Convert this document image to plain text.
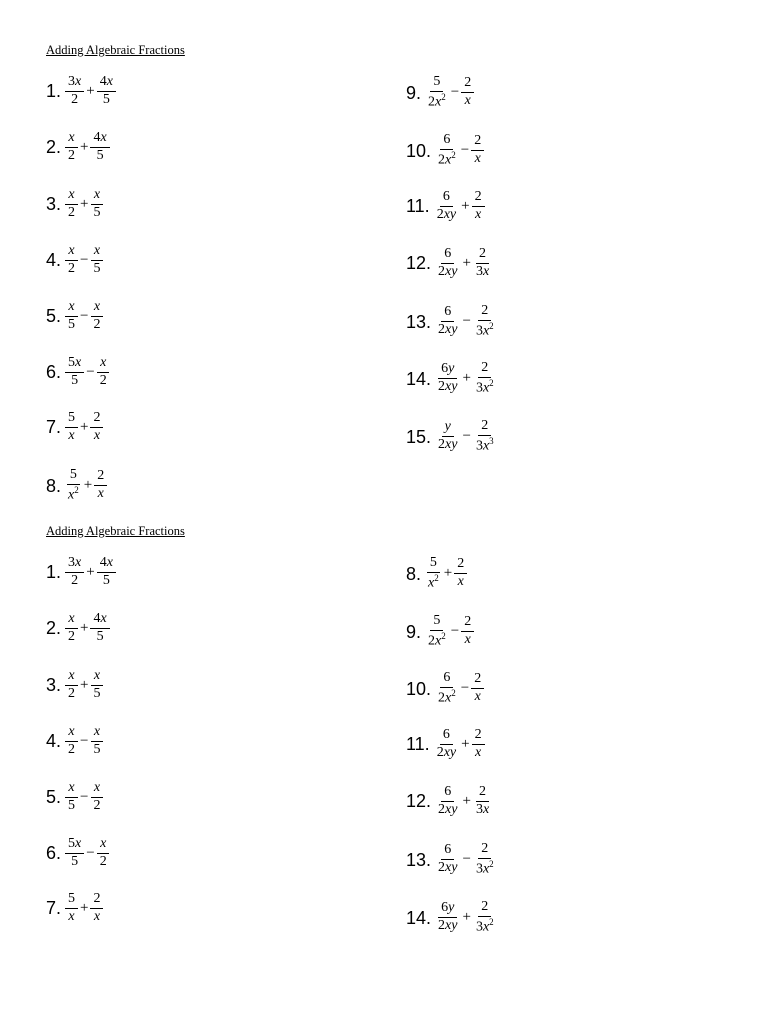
Adding Algebraic Fractions
1. $\frac{3x}{2} + \frac{4x}{5}$
2. $\frac{x}{2} + \frac{4x}{5}$
3. $\frac{x}{2} + \frac{x}{5}$
4. $\frac{x}{2} - \frac{x}{5}$
5. $\frac{x}{5} - \frac{x}{2}$
6. $\frac{5x}{5} - \frac{x}{2}$
7. $\frac{5}{x} + \frac{2}{x}$
8. $\frac{5}{x^2} + \frac{2}{x}$
9. $\frac{5}{2x^2} - \frac{2}{x}$
10. $\frac{6}{2x^2} - \frac{2}{x}$
11. $\frac{6}{2xy} + \frac{2}{x}$
12. $\frac{6}{2xy} + \frac{2}{3x}$
13. $\frac{6}{2xy} - \frac{2}{3x^2}$
14. $\frac{6y}{2xy} + \frac{2}{3x^2}$
15. $\frac{y}{2xy} - \frac{2}{3x^3}$
Adding Algebraic Fractions
1. $\frac{3x}{2} + \frac{4x}{5}$
2. $\frac{x}{2} + \frac{4x}{5}$
3. $\frac{x}{2} + \frac{x}{5}$
4. $\frac{x}{2} - \frac{x}{5}$
5. $\frac{x}{5} - \frac{x}{2}$
6. $\frac{5x}{5} - \frac{x}{2}$
7. $\frac{5}{x} + \frac{2}{x}$
8. $\frac{5}{x^2} + \frac{2}{x}$
9. $\frac{5}{2x^2} - \frac{2}{x}$
10. $\frac{6}{2x^2} - \frac{2}{x}$
11. $\frac{6}{2xy} + \frac{2}{x}$
12. $\frac{6}{2xy} + \frac{2}{3x}$
13. $\frac{6}{2xy} - \frac{2}{3x^2}$
14. $\frac{6y}{2xy} + \frac{2}{3x^2}$
